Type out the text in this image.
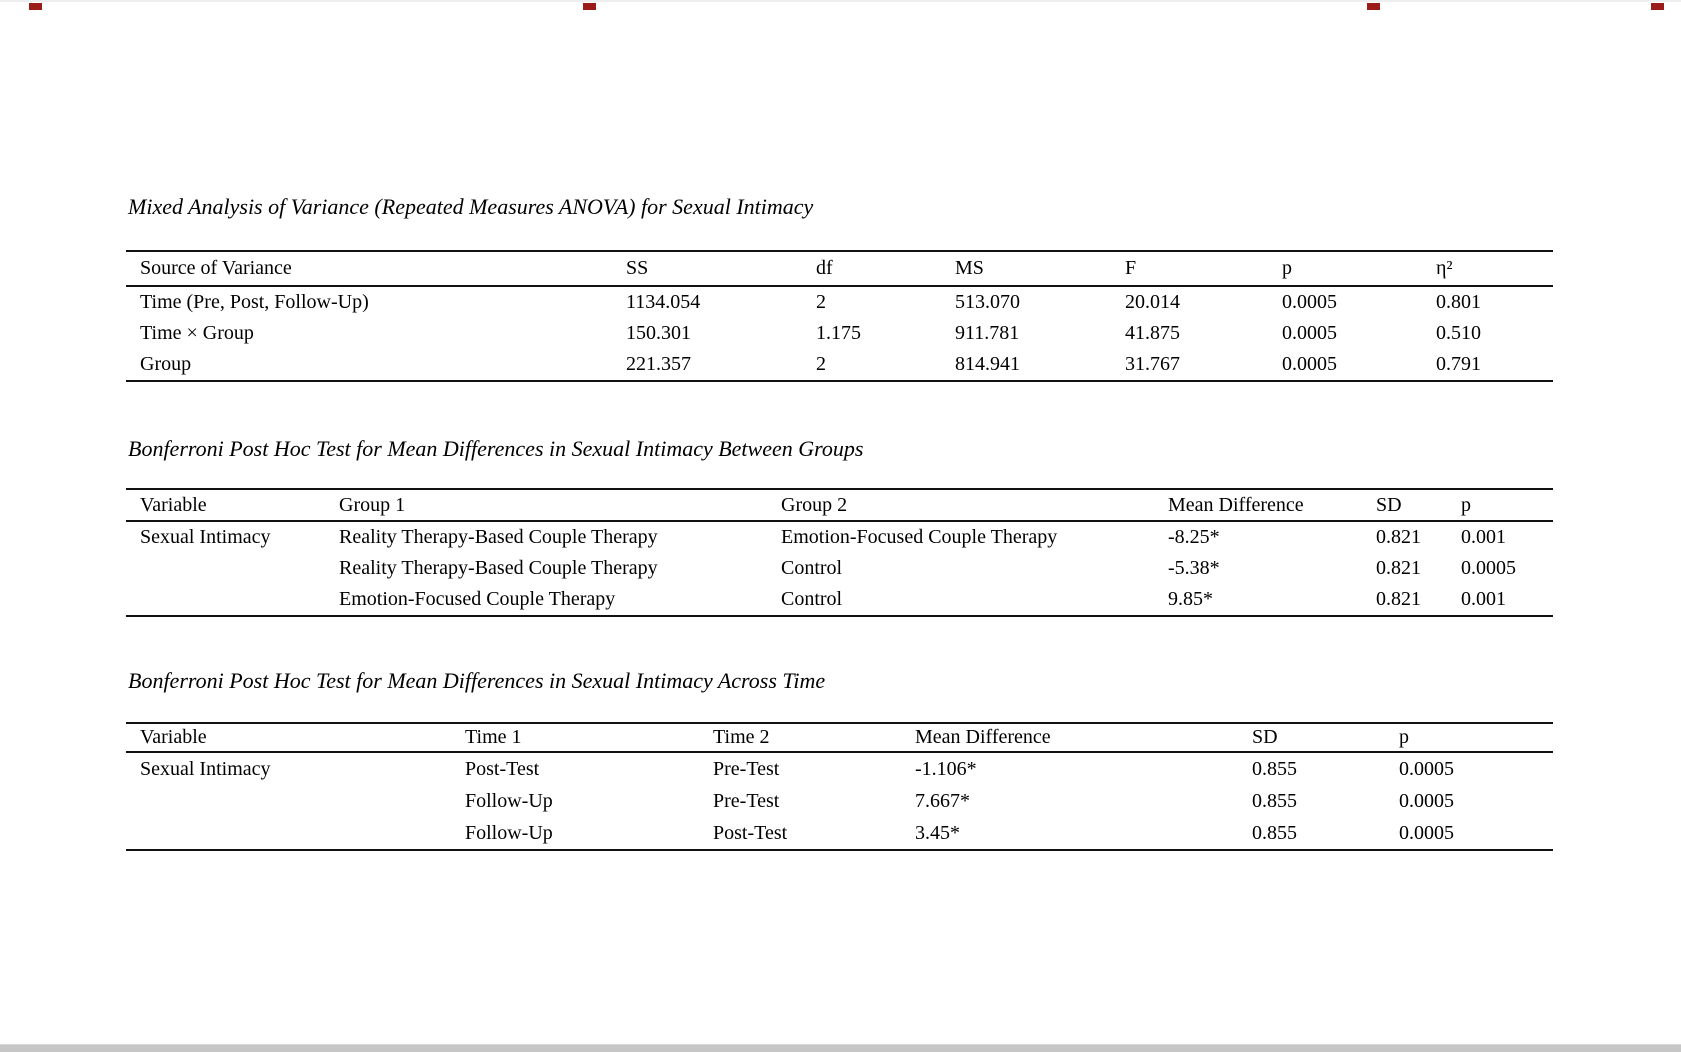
Mixed Analysis of Variance (Repeated Measures ANOVA) for Sexual Intimacy
Source of Variance	SS	df	MS	F	p	η²
Time (Pre, Post, Follow-Up)	1134.054	2	513.070	20.014	0.0005	0.801
Time × Group	150.301	1.175	911.781	41.875	0.0005	0.510
Group	221.357	2	814.941	31.767	0.0005	0.791
Bonferroni Post Hoc Test for Mean Differences in Sexual Intimacy Between Groups
Variable	Group 1	Group 2	Mean Difference	SD	p
Sexual Intimacy	Reality Therapy-Based Couple Therapy	Emotion-Focused Couple Therapy	-8.25*	0.821	0.001
	Reality Therapy-Based Couple Therapy	Control	-5.38*	0.821	0.0005
	Emotion-Focused Couple Therapy	Control	9.85*	0.821	0.001
Bonferroni Post Hoc Test for Mean Differences in Sexual Intimacy Across Time
Variable	Time 1	Time 2	Mean Difference	SD	p
Sexual Intimacy	Post-Test	Pre-Test	-1.106*	0.855	0.0005
	Follow-Up	Pre-Test	7.667*	0.855	0.0005
	Follow-Up	Post-Test	3.45*	0.855	0.0005
